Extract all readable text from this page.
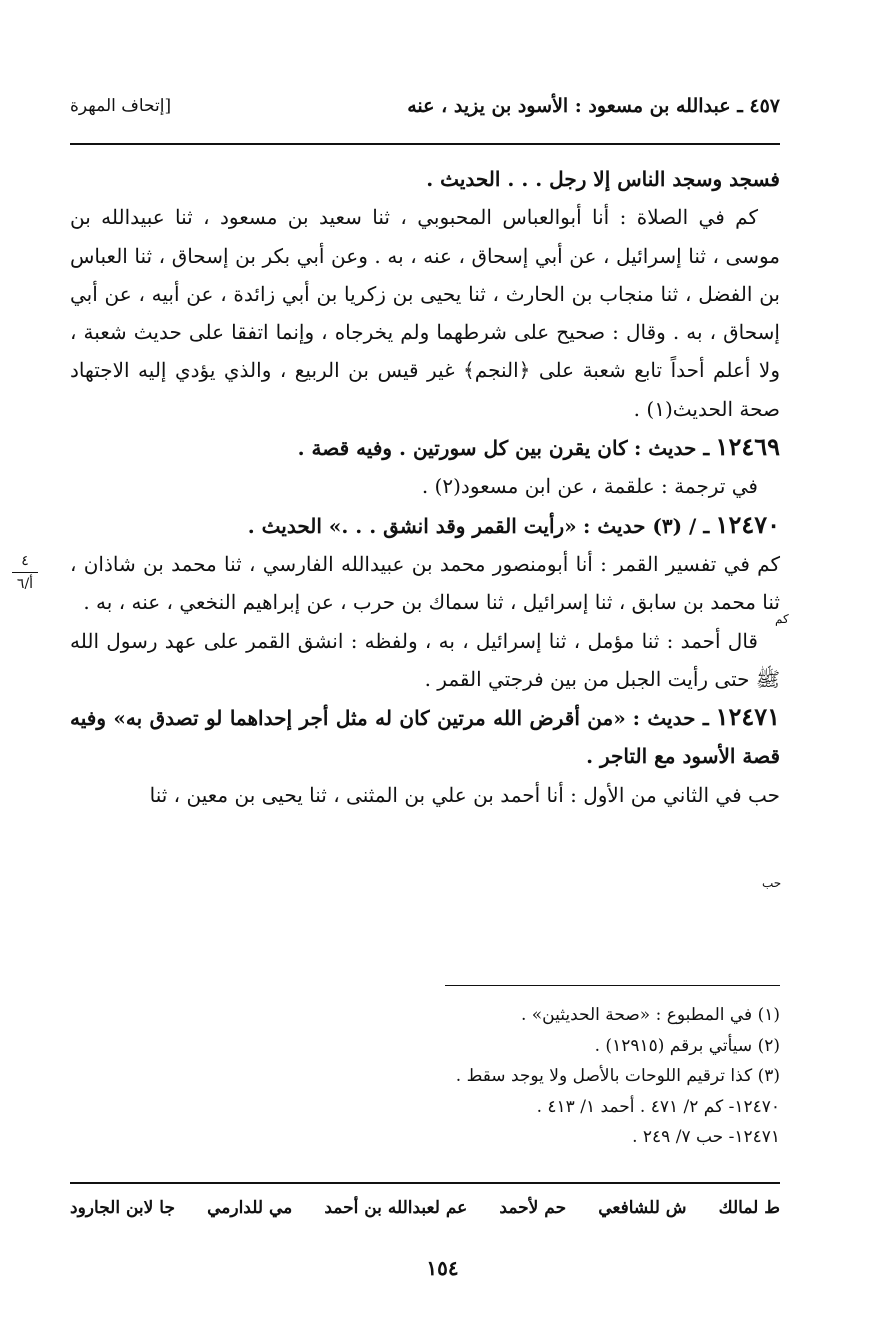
٤٥٧ ـ عبدالله بن مسعود : الأسود بن يزيد ، عنه
[إتحاف المهرة
٤
أ/٦
كم
حب

فسجد وسجد الناس إلا رجل . . . الحديث .

كم في الصلاة : أنا أبوالعباس المحبوبي ، ثنا سعيد بن مسعود ، ثنا عبيدالله بن موسى ، ثنا إسرائيل ، عن أبي إسحاق ، عنه ، به . وعن أبي بكر بن إسحاق ، ثنا العباس بن الفضل ، ثنا منجاب بن الحارث ، ثنا يحيى بن زكريا بن أبي زائدة ، عن أبيه ، عن أبي إسحاق ، به . وقال : صحيح على شرطهما ولم يخرجاه ، وإنما اتفقا على حديث شعبة ، ولا أعلم أحداً تابع شعبة على ﴿النجم﴾ غير قيس بن الربيع ، والذي يؤدي إليه الاجتهاد صحة الحديث(١) .

١٢٤٦٩ ـ حديث : كان يقرن بين كل سورتين . وفيه قصة .

في ترجمة : علقمة ، عن ابن مسعود(٢) .

١٢٤٧٠ ـ / (٣) حديث : «رأيت القمر وقد انشق . . .» الحديث .

كم في تفسير القمر : أنا أبومنصور محمد بن عبيدالله الفارسي ، ثنا محمد بن شاذان ، ثنا محمد بن سابق ، ثنا إسرائيل ، ثنا سماك بن حرب ، عن إبراهيم النخعي ، عنه ، به .

قال أحمد : ثنا مؤمل ، ثنا إسرائيل ، به ، ولفظه : انشق القمر على عهد رسول الله ﷺ حتى رأيت الجبل من بين فرجتي القمر .

١٢٤٧١ ـ حديث : «من أقرض الله مرتين كان له مثل أجر إحداهما لو تصدق به» وفيه قصة الأسود مع التاجر .

حب في الثاني من الأول : أنا أحمد بن علي بن المثنى ، ثنا يحيى بن معين ، ثنا

(١) في المطبوع : «صحة الحديثين» .
(٢) سيأتي برقم (١٢٩١٥) .
(٣) كذا ترقيم اللوحات بالأصل ولا يوجد سقط .
١٢٤٧٠- كم ٢/ ٤٧١ . أحمد ١/ ٤١٣ .
١٢٤٧١- حب ٧/ ٢٤٩ .
ط لمالك
ش للشافعي
حم لأحمد
عم لعبدالله بن أحمد
مي للدارمي
جا لابن الجارود
١٥٤
